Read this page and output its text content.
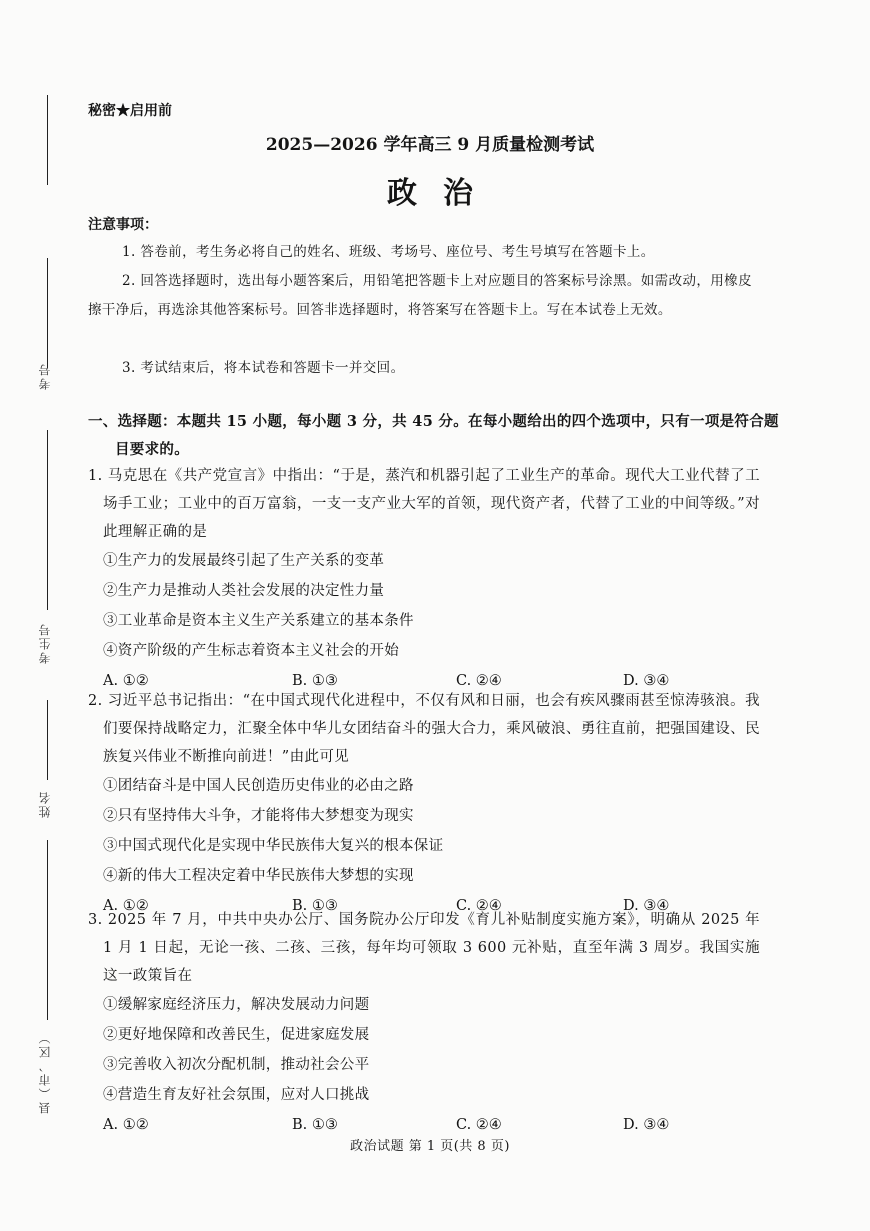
考号
考生号
姓名
县（市、区）
秘密★启用前
2025—2026 学年高三 9 月质量检测考试
政治
注意事项：
1. 答卷前，考生务必将自己的姓名、班级、考场号、座位号、考生号填写在答题卡上。
2. 回答选择题时，选出每小题答案后，用铅笔把答题卡上对应题目的答案标号涂黑。如需改动，用橡皮擦干净后，再选涂其他答案标号。回答非选择题时，将答案写在答题卡上。写在本试卷上无效。
3. 考试结束后，将本试卷和答题卡一并交回。
一、选择题：本题共 15 小题，每小题 3 分，共 45 分。在每小题给出的四个选项中，只有一项是符合题目要求的。
1. 马克思在《共产党宣言》中指出：“于是，蒸汽和机器引起了工业生产的革命。现代大工业代替了工场手工业；工业中的百万富翁，一支一支产业大军的首领，现代资产者，代替了工业的中间等级。”对此理解正确的是
①生产力的发展最终引起了生产关系的变革
②生产力是推动人类社会发展的决定性力量
③工业革命是资本主义生产关系建立的基本条件
④资产阶级的产生标志着资本主义社会的开始
A. ①②	B. ①③	C. ②④	D. ③④
2. 习近平总书记指出：“在中国式现代化进程中，不仅有风和日丽，也会有疾风骤雨甚至惊涛骇浪。我们要保持战略定力，汇聚全体中华儿女团结奋斗的强大合力，乘风破浪、勇往直前，把强国建设、民族复兴伟业不断推向前进！”由此可见
①团结奋斗是中国人民创造历史伟业的必由之路
②只有坚持伟大斗争，才能将伟大梦想变为现实
③中国式现代化是实现中华民族伟大复兴的根本保证
④新的伟大工程决定着中华民族伟大梦想的实现
A. ①②	B. ①③	C. ②④	D. ③④
3. 2025 年 7 月，中共中央办公厅、国务院办公厅印发《育儿补贴制度实施方案》，明确从 2025 年 1 月 1 日起，无论一孩、二孩、三孩，每年均可领取 3 600 元补贴，直至年满 3 周岁。我国实施这一政策旨在
①缓解家庭经济压力，解决发展动力问题
②更好地保障和改善民生，促进家庭发展
③完善收入初次分配机制，推动社会公平
④营造生育友好社会氛围，应对人口挑战
A. ①②	B. ①③	C. ②④	D. ③④
政治试题 第 1 页(共 8 页)
